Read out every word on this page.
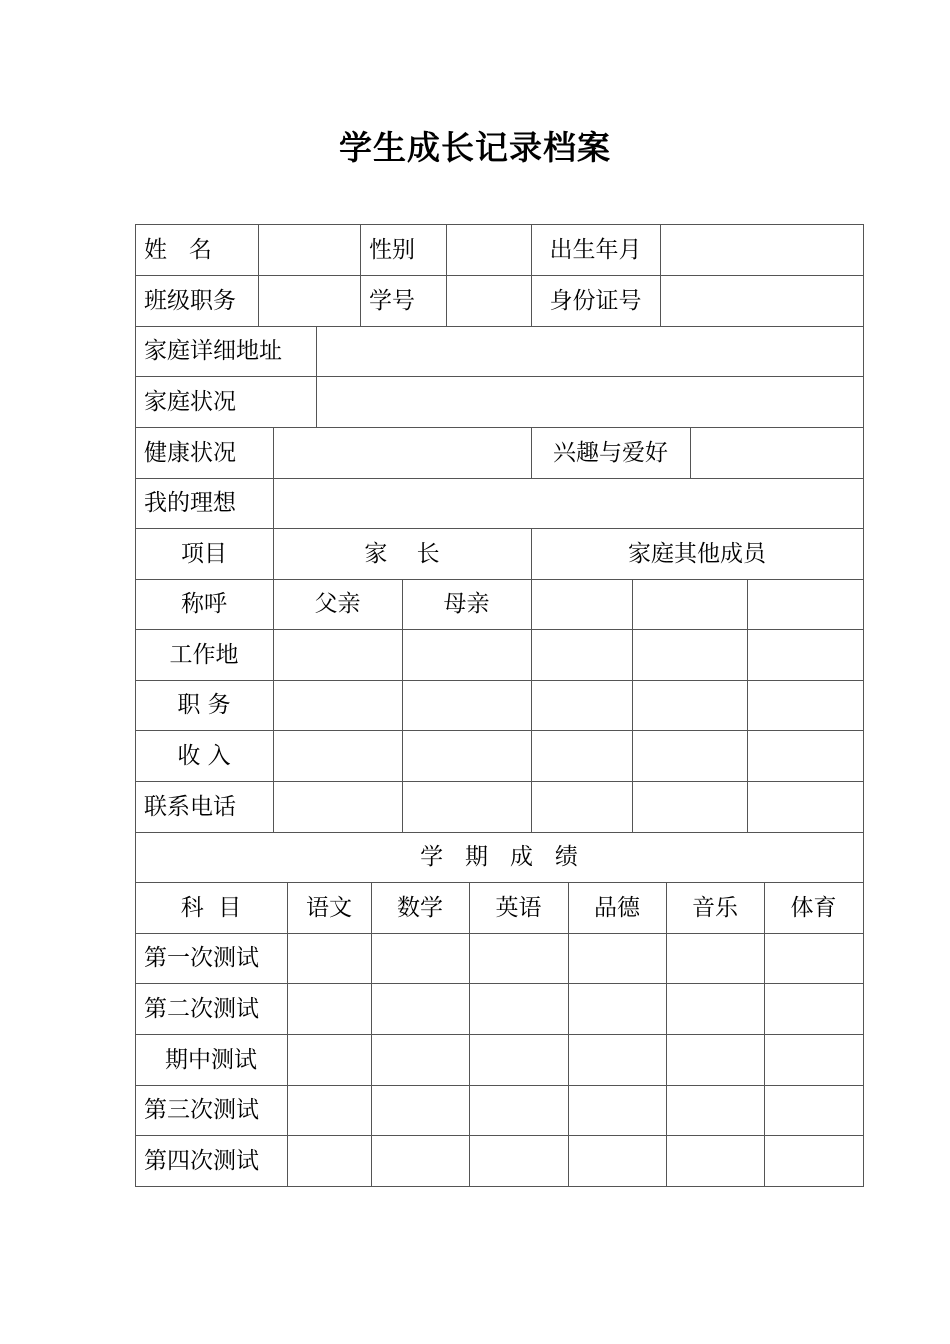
学生成长记录档案
姓   名	性别	出生年月
班级职务	学号	身份证号
家庭详细地址
家庭状况
健康状况	兴趣与爱好
我的理想
项目	家    长	家庭其他成员
称呼	父亲	母亲
工作地
职 务
收 入
联系电话
学   期   成   绩
科  目	语文	数学	英语	品德	音乐	体育
第一次测试
第二次测试
期中测试
第三次测试
第四次测试
